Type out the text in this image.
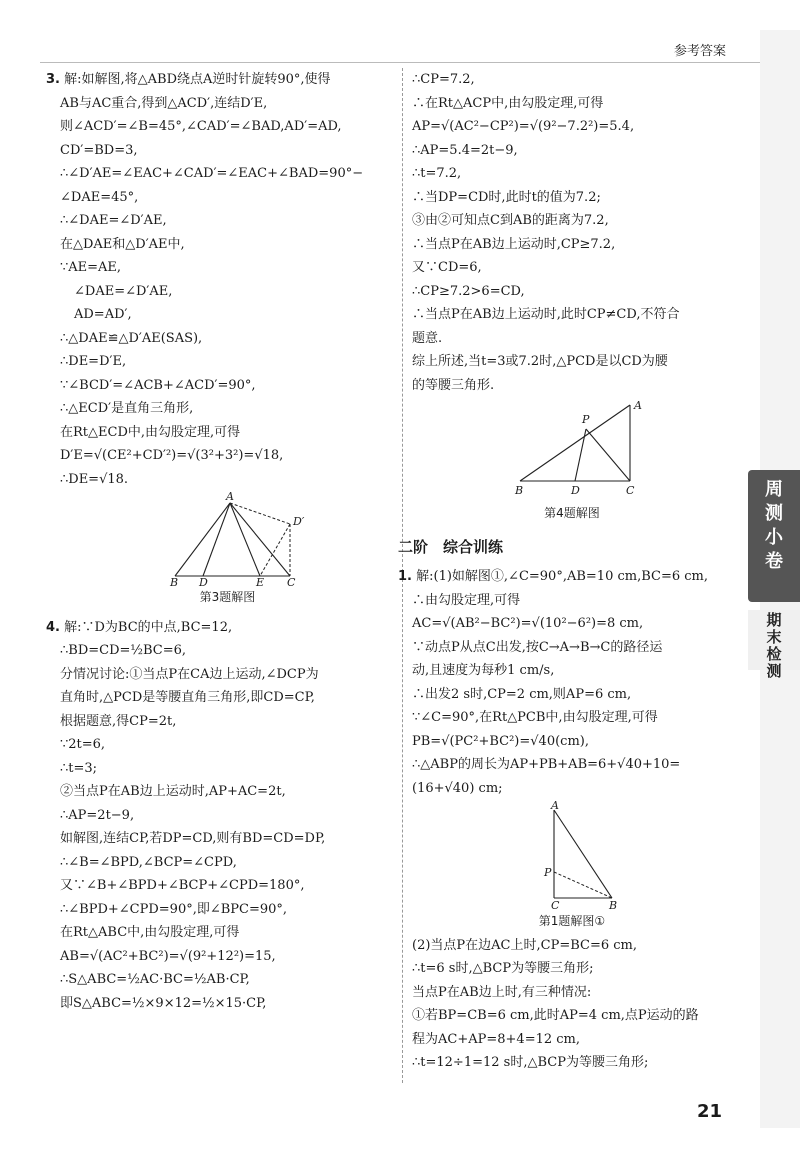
参考答案
3. 解:如解图,将△ABD绕点A逆时针旋转90°,使得
AB与AC重合,得到△ACD′,连结D′E,
则∠ACD′=∠B=45°,∠CAD′=∠BAD,AD′=AD,
CD′=BD=3,
∴∠D′AE=∠EAC+∠CAD′=∠EAC+∠BAD=90°−
∠DAE=45°,
∴∠DAE=∠D′AE,
在△DAE和△D′AE中,
∵AE=AE,
∠DAE=∠D′AE,
AD=AD′,
∴△DAE≌△D′AE(SAS),
∴DE=D′E,
∵∠BCD′=∠ACB+∠ACD′=90°,
∴△ECD′是直角三角形,
在Rt△ECD中,由勾股定理,可得
D′E=√(CE²+CD′²)=√(3²+3²)=√18,
∴DE=√18.
A
D′
B D	E C
第3题解图
4. 解:∵D为BC的中点,BC=12,
∴BD=CD=½BC=6,
分情况讨论:①当点P在CA边上运动,∠DCP为
直角时,△PCD是等腰直角三角形,即CD=CP,
根据题意,得CP=2t,
∵2t=6,
∴t=3;
②当点P在AB边上运动时,AP+AC=2t,
∴AP=2t−9,
如解图,连结CP,若DP=CD,则有BD=CD=DP,
∴∠B=∠BPD,∠BCP=∠CPD,
又∵∠B+∠BPD+∠BCP+∠CPD=180°,
∴∠BPD+∠CPD=90°,即∠BPC=90°,
在Rt△ABC中,由勾股定理,可得
AB=√(AC²+BC²)=√(9²+12²)=15,
∴S△ABC=½AC·BC=½AB·CP,
即S△ABC=½×9×12=½×15·CP,
∴CP=7.2,
∴在Rt△ACP中,由勾股定理,可得
AP=√(AC²−CP²)=√(9²−7.2²)=5.4,
∴AP=5.4=2t−9,
∴t=7.2,
∴当DP=CD时,此时t的值为7.2;
③由②可知点C到AB的距离为7.2,
∴当点P在AB边上运动时,CP≥7.2,
又∵CD=6,
∴CP≥7.2>6=CD,
∴当点P在AB边上运动时,此时CP≠CD,不符合
题意.
综上所述,当t=3或7.2时,△PCD是以CD为腰
的等腰三角形.
A
P
B	D	C
第4题解图
二阶　综合训练
1. 解:(1)如解图①,∠C=90°,AB=10 cm,BC=6 cm,
∴由勾股定理,可得
AC=√(AB²−BC²)=√(10²−6²)=8 cm,
∵动点P从点C出发,按C→A→B→C的路径运
动,且速度为每秒1 cm/s,
∴出发2 s时,CP=2 cm,则AP=6 cm,
∵∠C=90°,在Rt△PCB中,由勾股定理,可得
PB=√(PC²+BC²)=√40(cm),
∴△ABP的周长为AP+PB+AB=6+√40+10=
(16+√40) cm;
A
P
C	B
第1题解图①
(2)当点P在边AC上时,CP=BC=6 cm,
∴t=6 s时,△BCP为等腰三角形;
当点P在AB边上时,有三种情况:
①若BP=CB=6 cm,此时AP=4 cm,点P运动的路
程为AC+AP=8+4=12 cm,
∴t=12÷1=12 s时,△BCP为等腰三角形;
周测小卷
期末检测
21
